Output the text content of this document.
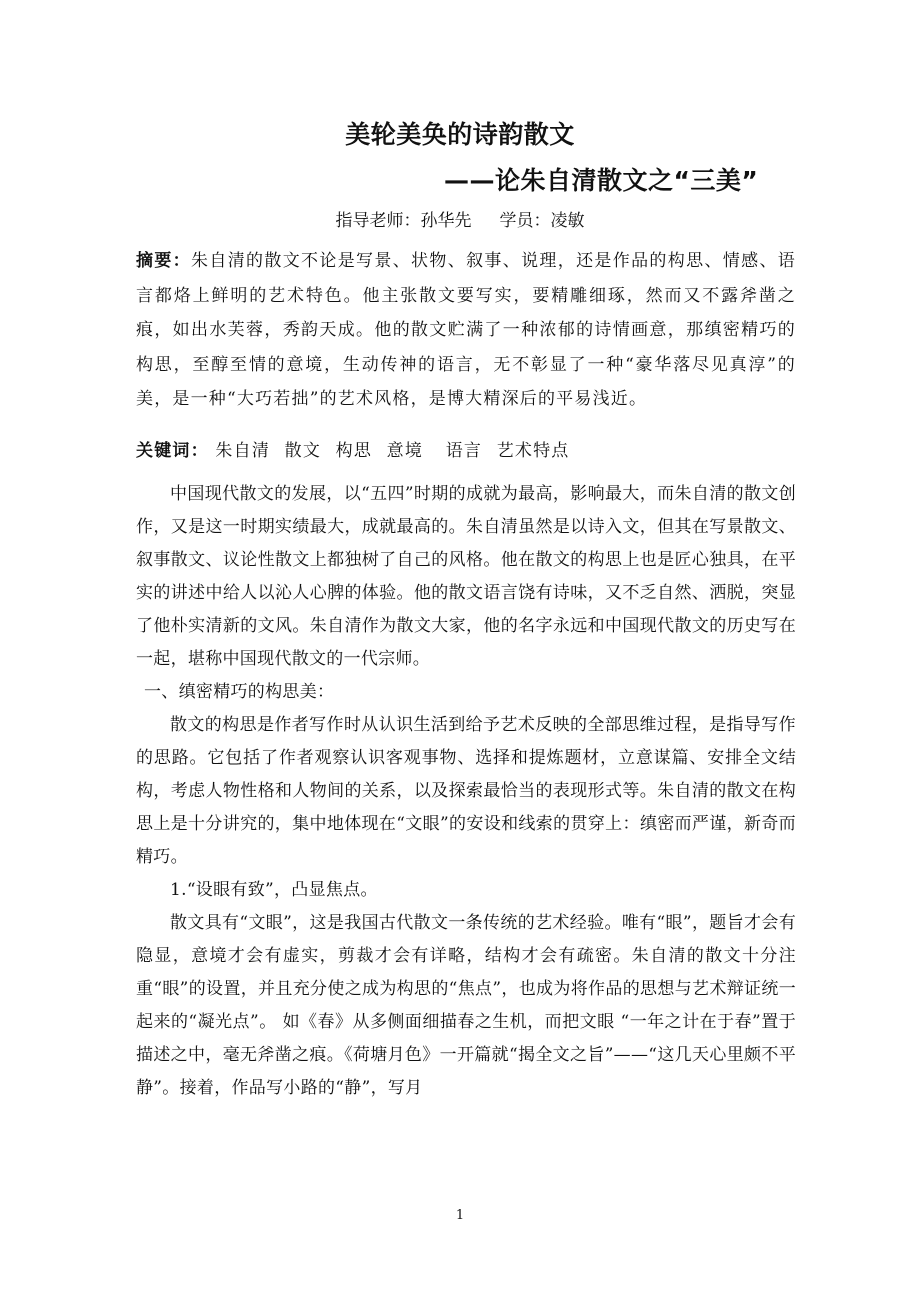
美轮美奂的诗韵散文
——论朱自清散文之“三美”
指导老师：孙华先 学员：凌敏
摘要：朱自清的散文不论是写景、状物、叙事、说理，还是作品的构思、情感、语言都烙上鲜明的艺术特色。他主张散文要写实，要精雕细琢，然而又不露斧凿之痕，如出水芙蓉，秀韵天成。他的散文贮满了一种浓郁的诗情画意，那缜密精巧的构思，至醇至情的意境，生动传神的语言，无不彰显了一种“豪华落尽见真淳”的美，是一种“大巧若拙”的艺术风格，是博大精深后的平易浅近。
关键词： 朱自清 散文 构思 意境 语言 艺术特点

中国现代散文的发展，以“五四”时期的成就为最高，影响最大，而朱自清的散文创作，又是这一时期实绩最大，成就最高的。朱自清虽然是以诗入文，但其在写景散文、叙事散文、议论性散文上都独树了自己的风格。他在散文的构思上也是匠心独具，在平实的讲述中给人以沁人心脾的体验。他的散文语言饶有诗味，又不乏自然、洒脱，突显了他朴实清新的文风。朱自清作为散文大家，他的名字永远和中国现代散文的历史写在一起，堪称中国现代散文的一代宗师。

一、缜密精巧的构思美：

散文的构思是作者写作时从认识生活到给予艺术反映的全部思维过程，是指导写作的思路。它包括了作者观察认识客观事物、选择和提炼题材，立意谋篇、安排全文结构，考虑人物性格和人物间的关系，以及探索最恰当的表现形式等。朱自清的散文在构思上是十分讲究的，集中地体现在“文眼”的安设和线索的贯穿上：缜密而严谨，新奇而精巧。

1.“设眼有致”，凸显焦点。

散文具有“文眼”，这是我国古代散文一条传统的艺术经验。唯有“眼”，题旨才会有隐显，意境才会有虚实，剪裁才会有详略，结构才会有疏密。朱自清的散文十分注重“眼”的设置，并且充分使之成为构思的“焦点”，也成为将作品的思想与艺术辩证统一起来的“凝光点”。 如《春》从多侧面细描春之生机，而把文眼 “一年之计在于春”置于描述之中，毫无斧凿之痕。《荷塘月色》一开篇就“揭全文之旨”——“这几天心里颇不平静”。接着，作品写小路的“静”，写月

1
